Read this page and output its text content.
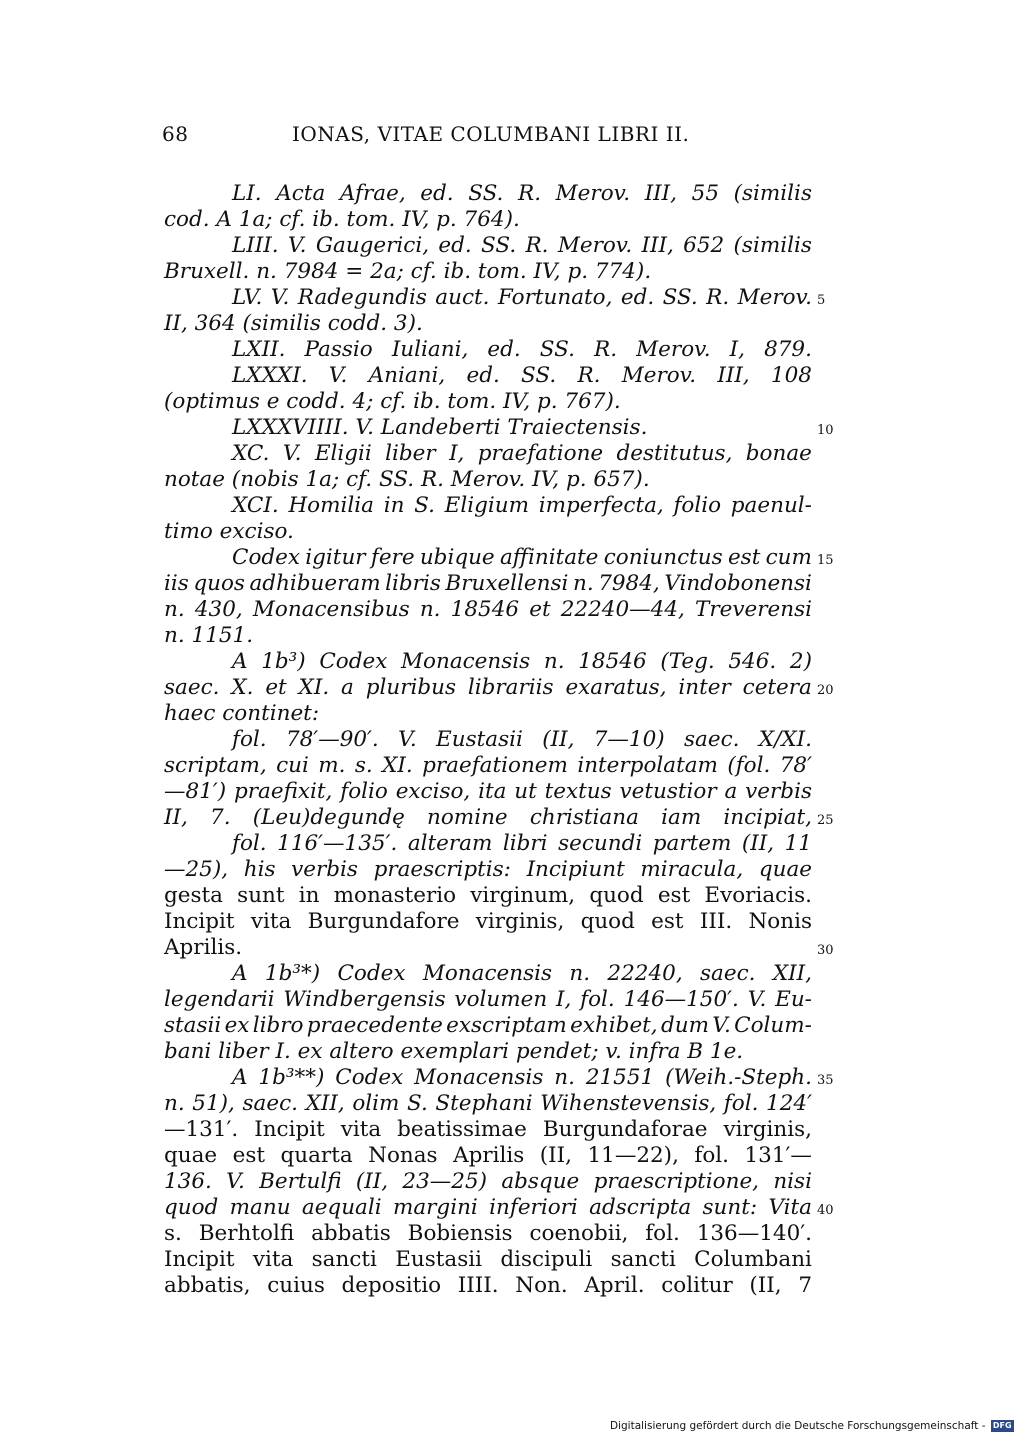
68	IONAS, VITAE COLUMBANI LIBRI II.
LI. Acta Afrae, ed. SS. R. Merov. III, 55 (similis
cod. A 1a; cf. ib. tom. IV, p. 764).
LIII. V. Gaugerici, ed. SS. R. Merov. III, 652 (similis
Bruxell. n. 7984 = 2a; cf. ib. tom. IV, p. 774).
LV. V. Radegundis auct. Fortunato, ed. SS. R. Merov.
II, 364 (similis codd. 3).
LXII. Passio Iuliani, ed. SS. R. Merov. I, 879.
LXXXI. V. Aniani, ed. SS. R. Merov. III, 108
(optimus e codd. 4; cf. ib. tom. IV, p. 767).
LXXXVIIII. V. Landeberti Traiectensis.
XC. V. Eligii liber I, praefatione destitutus, bonae
notae (nobis 1a; cf. SS. R. Merov. IV, p. 657).
XCI. Homilia in S. Eligium imperfecta, folio paenul-
timo exciso.
Codex igitur fere ubique affinitate coniunctus est cum
iis quos adhibueram libris Bruxellensi n. 7984, Vindobonensi
n. 430, Monacensibus n. 18546 et 22240—44, Treverensi
n. 1151.
A 1b³) Codex Monacensis n. 18546 (Teg. 546. 2)
saec. X. et XI. a pluribus librariis exaratus, inter cetera
haec continet:
fol. 78′—90′. V. Eustasii (II, 7—10) saec. X/XI.
scriptam, cui m. s. XI. praefationem interpolatam (fol. 78′
—81′) praefixit, folio exciso, ita ut textus vetustior a verbis
II, 7. (Leu)degundę nomine christiana iam incipiat,
fol. 116′—135′. alteram libri secundi partem (II, 11
—25), his verbis praescriptis: Incipiunt miracula, quae
gesta sunt in monasterio virginum, quod est Evoriacis.
Incipit vita Burgundafore virginis, quod est III. Nonis
Aprilis.
A 1b³*) Codex Monacensis n. 22240, saec. XII,
legendarii Windbergensis volumen I, fol. 146—150′. V. Eu-
stasii ex libro praecedente exscriptam exhibet, dum V. Colum-
bani liber I. ex altero exemplari pendet; v. infra B 1e.
A 1b³**) Codex Monacensis n. 21551 (Weih.-Steph.
n. 51), saec. XII, olim S. Stephani Wihenstevensis, fol. 124′
—131′. Incipit vita beatissimae Burgundaforae virginis,
quae est quarta Nonas Aprilis (II, 11—22), fol. 131′—
136. V. Bertulfi (II, 23—25) absque praescriptione, nisi
quod manu aequali margini inferiori adscripta sunt: Vita
s. Berhtolfi abbatis Bobiensis coenobii, fol. 136—140′.
Incipit vita sancti Eustasii discipuli sancti Columbani
abbatis, cuius depositio IIII. Non. April. colitur (II, 7
5
10
15
20
25
30
35
40
Digitalisierung gefördert durch die Deutsche Forschungsgemeinschaft - DFG
